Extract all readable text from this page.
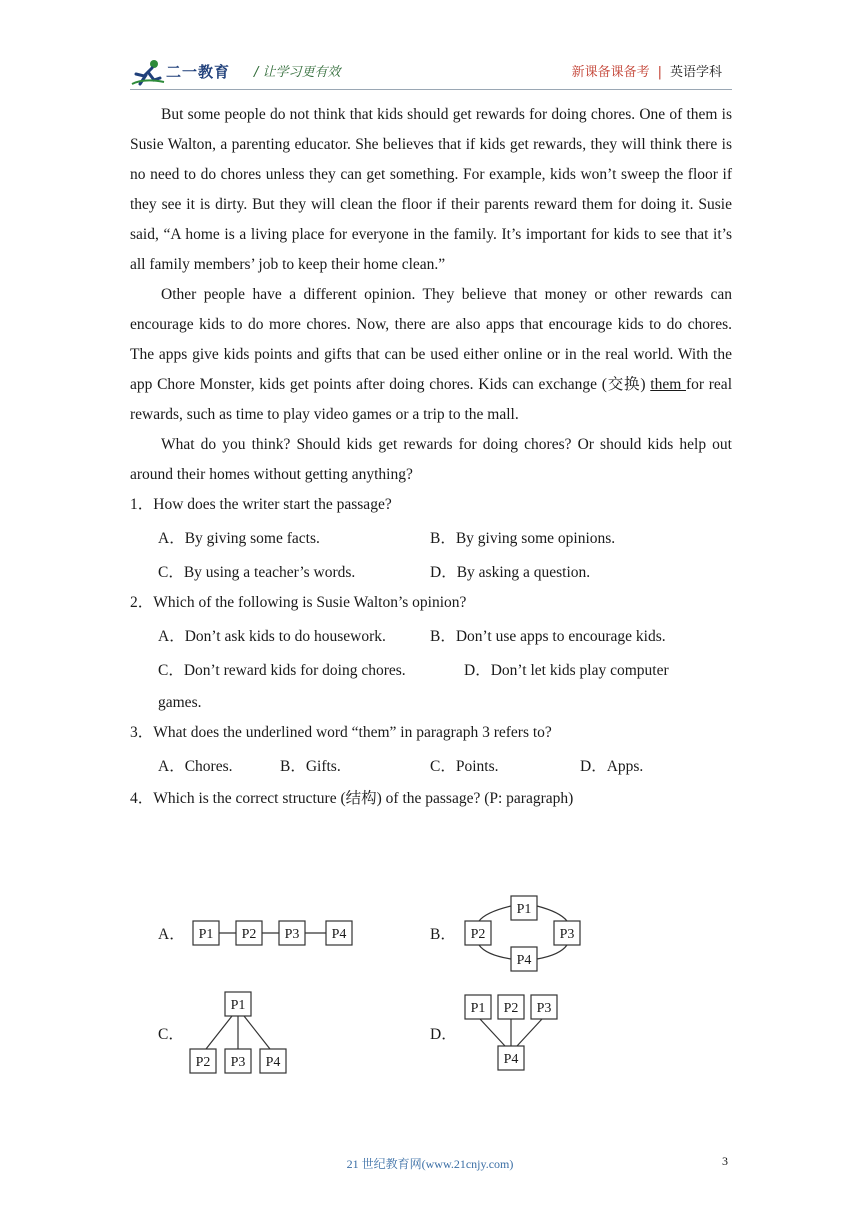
二一教育 / 让学习更有效	新课备课备考 | 英语学科

But some people do not think that kids should get rewards for doing chores. One of them is Susie Walton, a parenting educator. She believes that if kids get rewards, they will think there is no need to do chores unless they can get something. For example, kids won’t sweep the floor if they see it is dirty. But they will clean the floor if their parents reward them for doing it. Susie said, “A home is a living place for everyone in the family. It’s important for kids to see that it’s all family members’ job to keep their home clean.”

Other people have a different opinion. They believe that money or other rewards can encourage kids to do more chores. Now, there are also apps that encourage kids to do chores. The apps give kids points and gifts that can be used either online or in the real world. With the app Chore Monster, kids get points after doing chores. Kids can exchange (交换) them for real rewards, such as time to play video games or a trip to the mall.

What do you think? Should kids get rewards for doing chores? Or should kids help out around their homes without getting anything?

1．How does the writer start the passage?

A．By giving some facts.	B．By giving some opinions.
C．By using a teacher’s words.	D．By asking a question.

2．Which of the following is Susie Walton’s opinion?

A．Don’t ask kids to do housework.	B．Don’t use apps to encourage kids.
C．Don’t reward kids for doing chores.	D．Don’t let kids play computer
games.

3．What does the underlined word “them” in paragraph 3 refers to?

A．Chores.	B．Gifts.	C．Points.	D．Apps.

4．Which is the correct structure (结构) of the passage? (P: paragraph)

A．	B．
C．	D．
P1 P2 P3 P4
P1
P2	P3
P4
P1
P2 P3 P4
P1 P2 P3
P4
21 世纪教育网(www.21cnjy.com)	3
